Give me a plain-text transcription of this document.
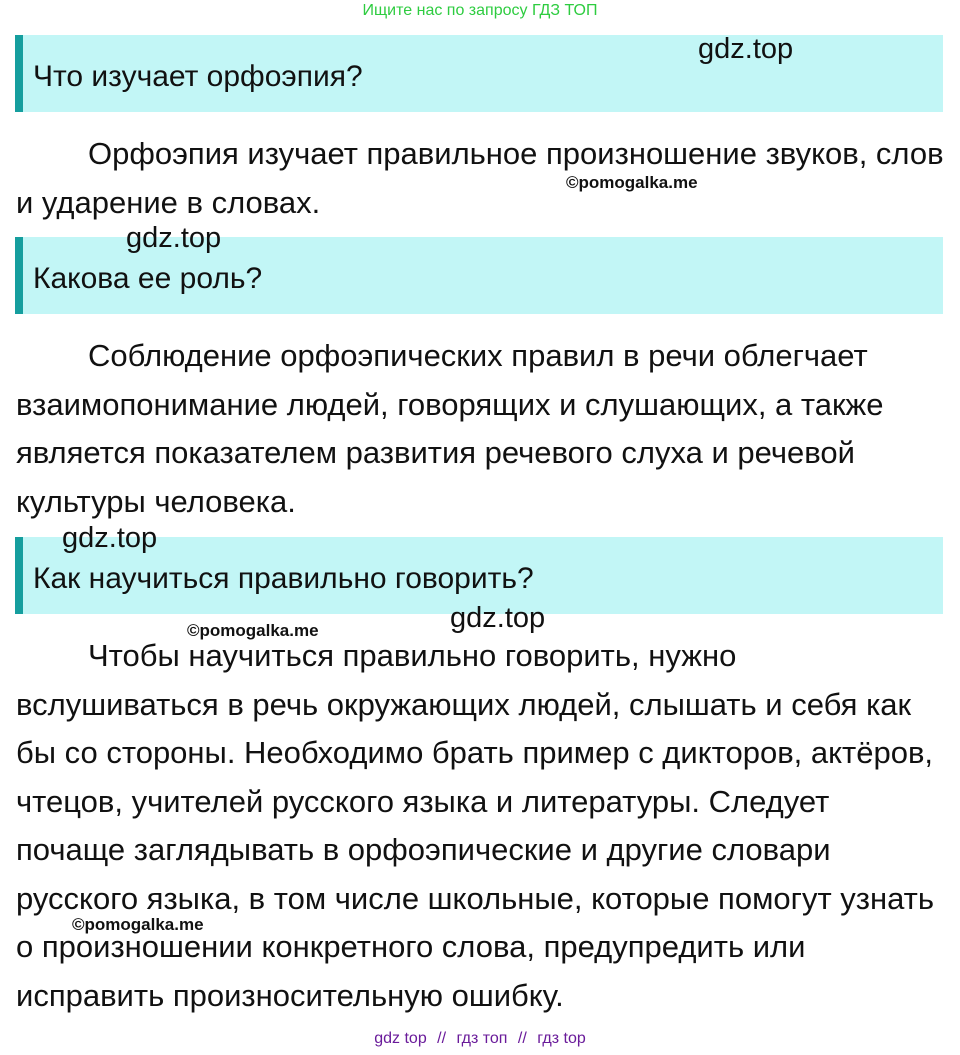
Ищите нас по запросу ГДЗ ТОП
Что изучает орфоэпия?

Орфоэпия изучает правильное произношение звуков, слов и ударение в словах.

Какова ее роль?

Соблюдение орфоэпических правил в речи облегчает взаимопонимание людей, говорящих и слушающих, а также является показателем развития речевого слуха и речевой культуры человека.

Как научиться правильно говорить?

Чтобы научиться правильно говорить, нужно вслушиваться в речь окружающих людей, слышать и себя как бы со стороны. Необходимо брать пример с дикторов, актёров, чтецов, учителей русского языка и литературы. Следует почаще заглядывать в орфоэпические и другие словари русского языка, в том числе школьные, которые помогут узнать о произношении конкретного слова, предупредить или исправить произносительную ошибку.

gdz.top
©pomogalka.me
gdz.top
gdz.top
gdz.top
©pomogalka.me
©pomogalka.me
gdz top // гдз топ // гдз top
